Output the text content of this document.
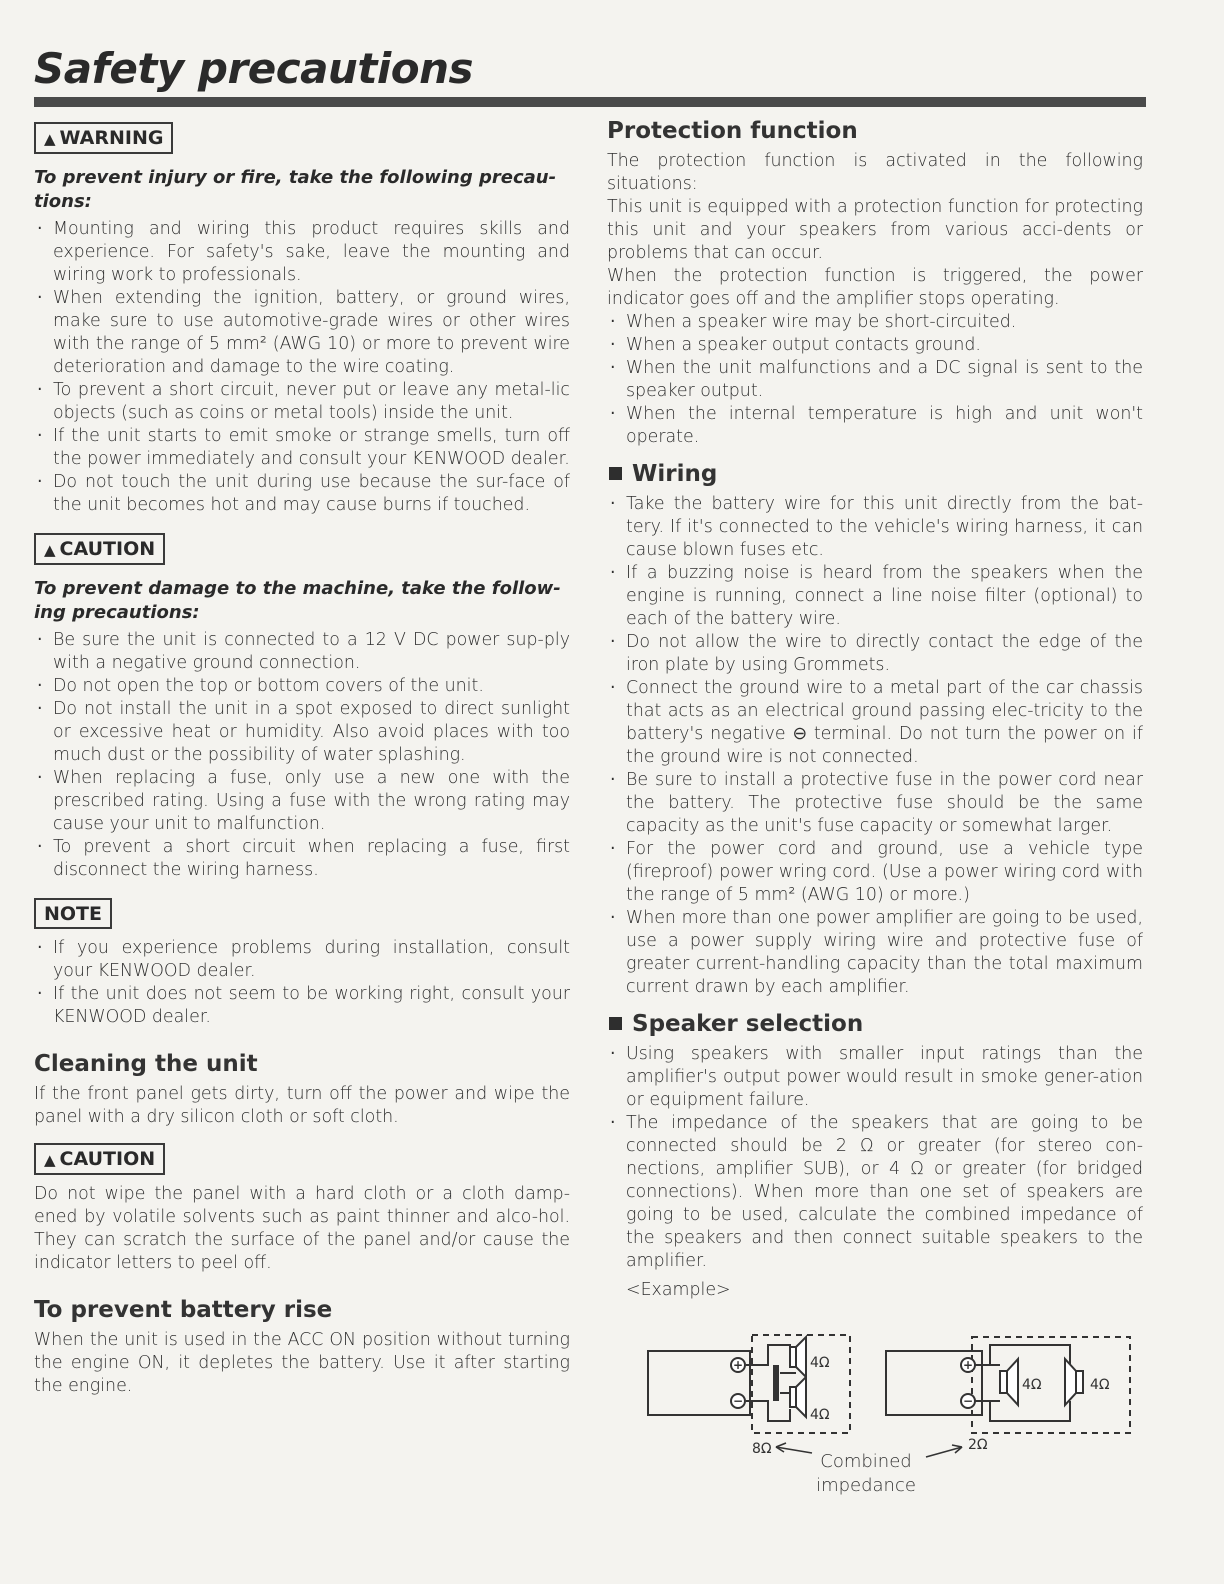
Safety precautions
▲ WARNING
To prevent injury or fire, take the following precau-tions:
· Mounting and wiring this product requires skills and experience. For safety's sake, leave the mounting and wiring work to professionals.
· When extending the ignition, battery, or ground wires, make sure to use automotive-grade wires or other wires with the range of 5 mm² (AWG 10) or more to prevent wire deterioration and damage to the wire coating.
· To prevent a short circuit, never put or leave any metal-lic objects (such as coins or metal tools) inside the unit.
· If the unit starts to emit smoke or strange smells, turn off the power immediately and consult your KENWOOD dealer.
· Do not touch the unit during use because the sur-face of the unit becomes hot and may cause burns if touched.
▲ CAUTION
To prevent damage to the machine, take the follow-ing precautions:
· Be sure the unit is connected to a 12 V DC power sup-ply with a negative ground connection.
· Do not open the top or bottom covers of the unit.
· Do not install the unit in a spot exposed to direct sunlight or excessive heat or humidity. Also avoid places with too much dust or the possibility of water splashing.
· When replacing a fuse, only use a new one with the prescribed rating. Using a fuse with the wrong rating may cause your unit to malfunction.
· To prevent a short circuit when replacing a fuse, first disconnect the wiring harness.
NOTE
· If you experience problems during installation, consult your KENWOOD dealer.
· If the unit does not seem to be working right, consult your KENWOOD dealer.
Cleaning the unit

If the front panel gets dirty, turn off the power and wipe the panel with a dry silicon cloth or soft cloth.

▲ CAUTION

Do not wipe the panel with a hard cloth or a cloth damp-ened by volatile solvents such as paint thinner and alco-hol. They can scratch the surface of the panel and/or cause the indicator letters to peel off.

To prevent battery rise

When the unit is used in the ACC ON position without turning the engine ON, it depletes the battery. Use it after starting the engine.

Protection function

The protection function is activated in the following situations:

This unit is equipped with a protection function for protecting this unit and your speakers from various acci-dents or problems that can occur.

When the protection function is triggered, the power indicator goes off and the amplifier stops operating.

· When a speaker wire may be short-circuited.
· When a speaker output contacts ground.
· When the unit malfunctions and a DC signal is sent to the speaker output.
· When the internal temperature is high and unit won't operate.
Wiring
· Take the battery wire for this unit directly from the bat-tery. If it's connected to the vehicle's wiring harness, it can cause blown fuses etc.
· If a buzzing noise is heard from the speakers when the engine is running, connect a line noise filter (optional) to each of the battery wire.
· Do not allow the wire to directly contact the edge of the iron plate by using Grommets.
· Connect the ground wire to a metal part of the car chassis that acts as an electrical ground passing elec-tricity to the battery's negative ⊖ terminal. Do not turn the power on if the ground wire is not connected.
· Be sure to install a protective fuse in the power cord near the battery. The protective fuse should be the same capacity as the unit's fuse capacity or somewhat larger.
· For the power cord and ground, use a vehicle type (fireproof) power wring cord. (Use a power wiring cord with the range of 5 mm² (AWG 10) or more.)
· When more than one power amplifier are going to be used, use a power supply wiring wire and protective fuse of greater current-handling capacity than the total maximum current drawn by each amplifier.
Speaker selection
· Using speakers with smaller input ratings than the amplifier's output power would result in smoke gener-ation or equipment failure.
· The impedance of the speakers that are going to be connected should be 2 Ω or greater (for stereo con-nections, amplifier SUB), or 4 Ω or greater (for bridged connections). When more than one set of speakers are going to be used, calculate the combined impedance of the speakers and then connect suitable speakers to the amplifier.
<Example>
+
−
+
−
4Ω
4Ω
4Ω	4Ω
8Ω	2Ω
Combined
impedance
